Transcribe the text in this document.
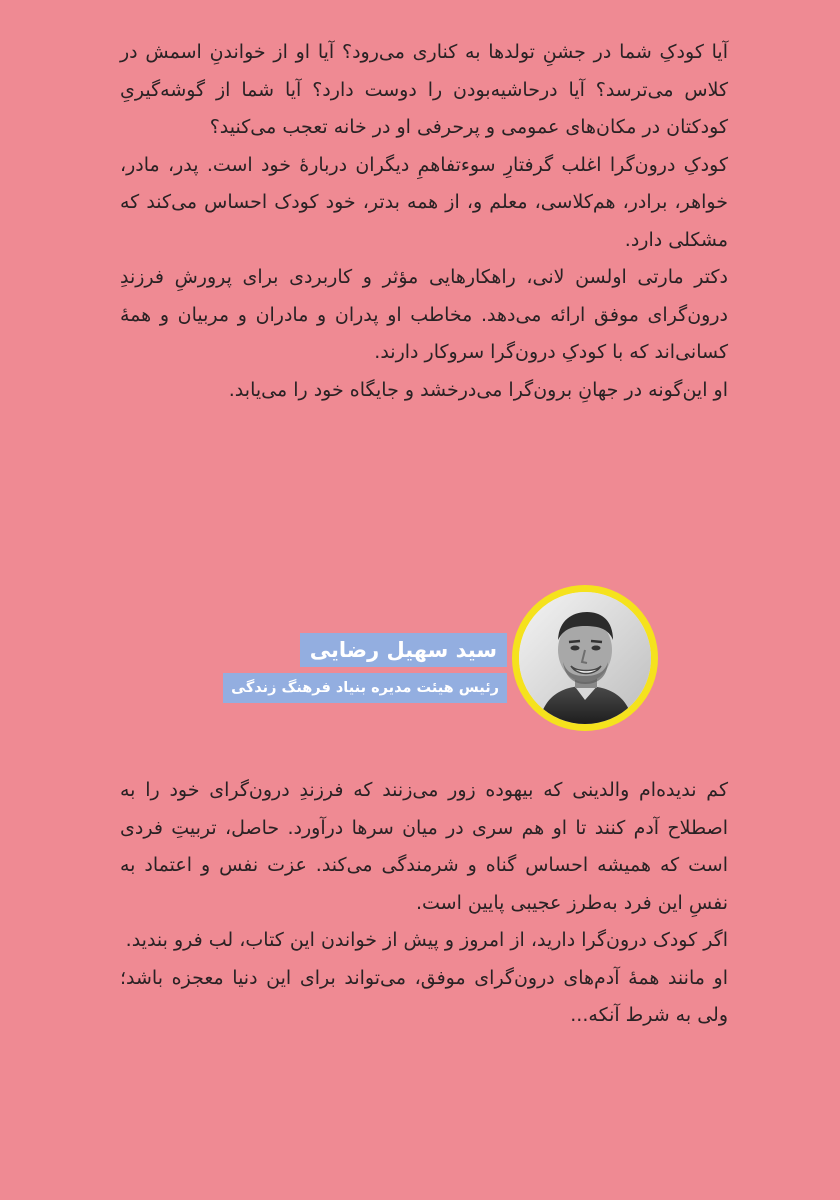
آیا کودکِ شما در جشنِ تولدها به کناری می‌رود؟ آیا او از خواندنِ اسمش در کلاس می‌ترسد؟ آیا درحاشیه‌بودن را دوست دارد؟ آیا شما از گوشه‌گیریِ کودکتان در مکان‌های عمومی و پرحرفی او در خانه تعجب می‌کنید؟

کودکِ درون‌گرا اغلب گرفتارِ سوءتفاهمِ دیگران دربارهٔ خود است. پدر، مادر، خواهر، برادر، هم‌کلاسی، معلم و، از همه بدتر، خود کودک احساس می‌کند که مشکلی دارد.

دکتر مارتی اولسن لانی، راهکارهایی مؤثر و کاربردی برای پرورشِ فرزندِ درون‌گرای موفق ارائه می‌دهد. مخاطب او پدران و مادران و مربیان و همهٔ کسانی‌اند که با کودکِ درون‌گرا سروکار دارند.

او این‌گونه در جهانِ برون‌گرا می‌درخشد و جایگاه خود را می‌یابد.

سید سهیل رضایی
رئیس هیئت مدیره بنیاد فرهنگ زندگی

کم ندیده‌ام والدینی که بیهوده زور می‌زنند که فرزندِ درون‌گرای خود را به اصطلاح آدم کنند تا او هم سری در میان سرها درآورد. حاصل، تربیتِ فردی است که همیشه احساس گناه و شرمندگی می‌کند. عزت نفس و اعتماد به نفسِ این فرد به‌طرز عجیبی پایین است.

اگر کودک درون‌گرا دارید، از امروز و پیش از خواندن این کتاب، لب فرو بندید.

او مانند همهٔ آدم‌های درون‌گرای موفق، می‌تواند برای این دنیا معجزه باشد؛ ولی به شرط آنکه...
